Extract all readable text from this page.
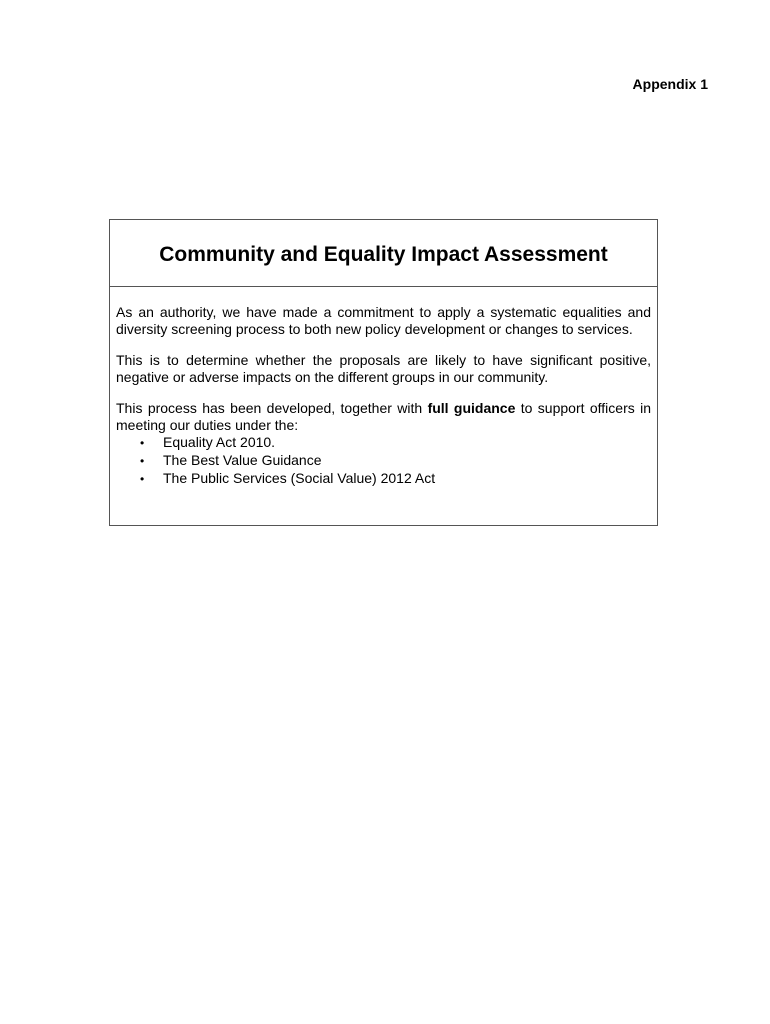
Appendix 1
Community and Equality Impact Assessment

As an authority, we have made a commitment to apply a systematic equalities and diversity screening process to both new policy development or changes to services.

This is to determine whether the proposals are likely to have significant positive, negative or adverse impacts on the different groups in our community.

This process has been developed, together with full guidance to support officers in meeting our duties under the:

•	Equality Act 2010.
•	The Best Value Guidance
•	The Public Services (Social Value) 2012 Act
